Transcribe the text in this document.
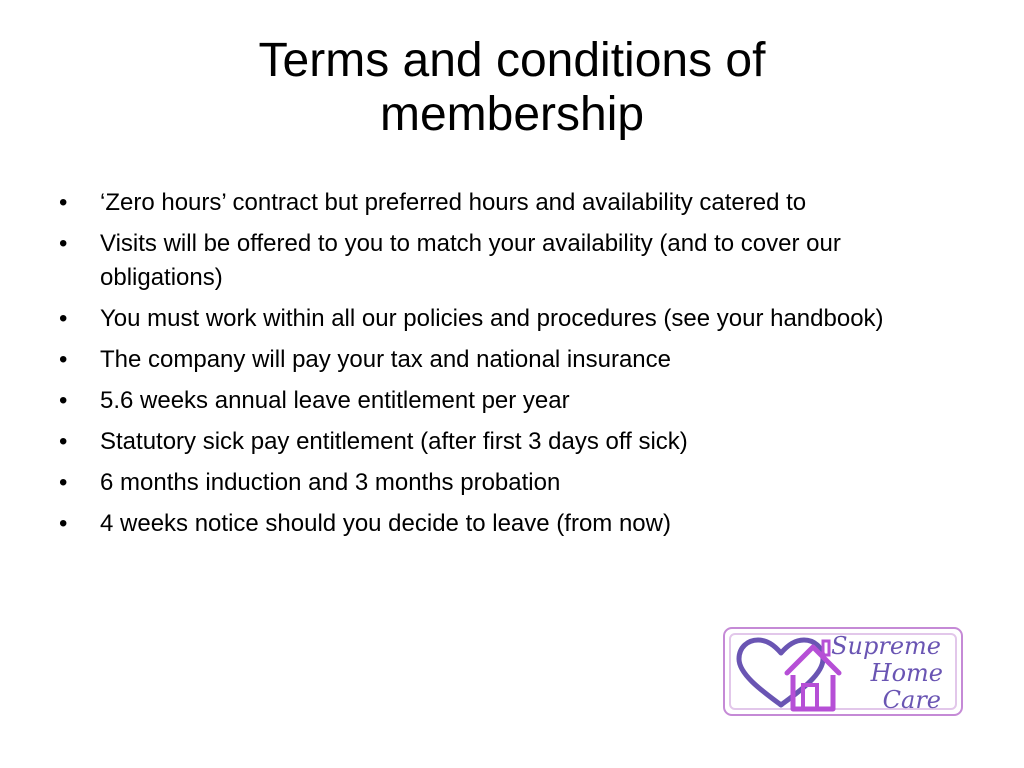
Terms and conditions of
membership
• ‘Zero hours’ contract but preferred hours and availability catered to
• Visits will be offered to you to match your availability (and to cover our obligations)
• You must work within all our policies and procedures (see your handbook)
• The company will pay your tax and national insurance
• 5.6 weeks annual leave entitlement per year
• Statutory sick pay entitlement (after first 3 days off sick)
• 6 months induction and 3 months probation
• 4 weeks notice should you decide to leave (from now)
Supreme
Home
Care
